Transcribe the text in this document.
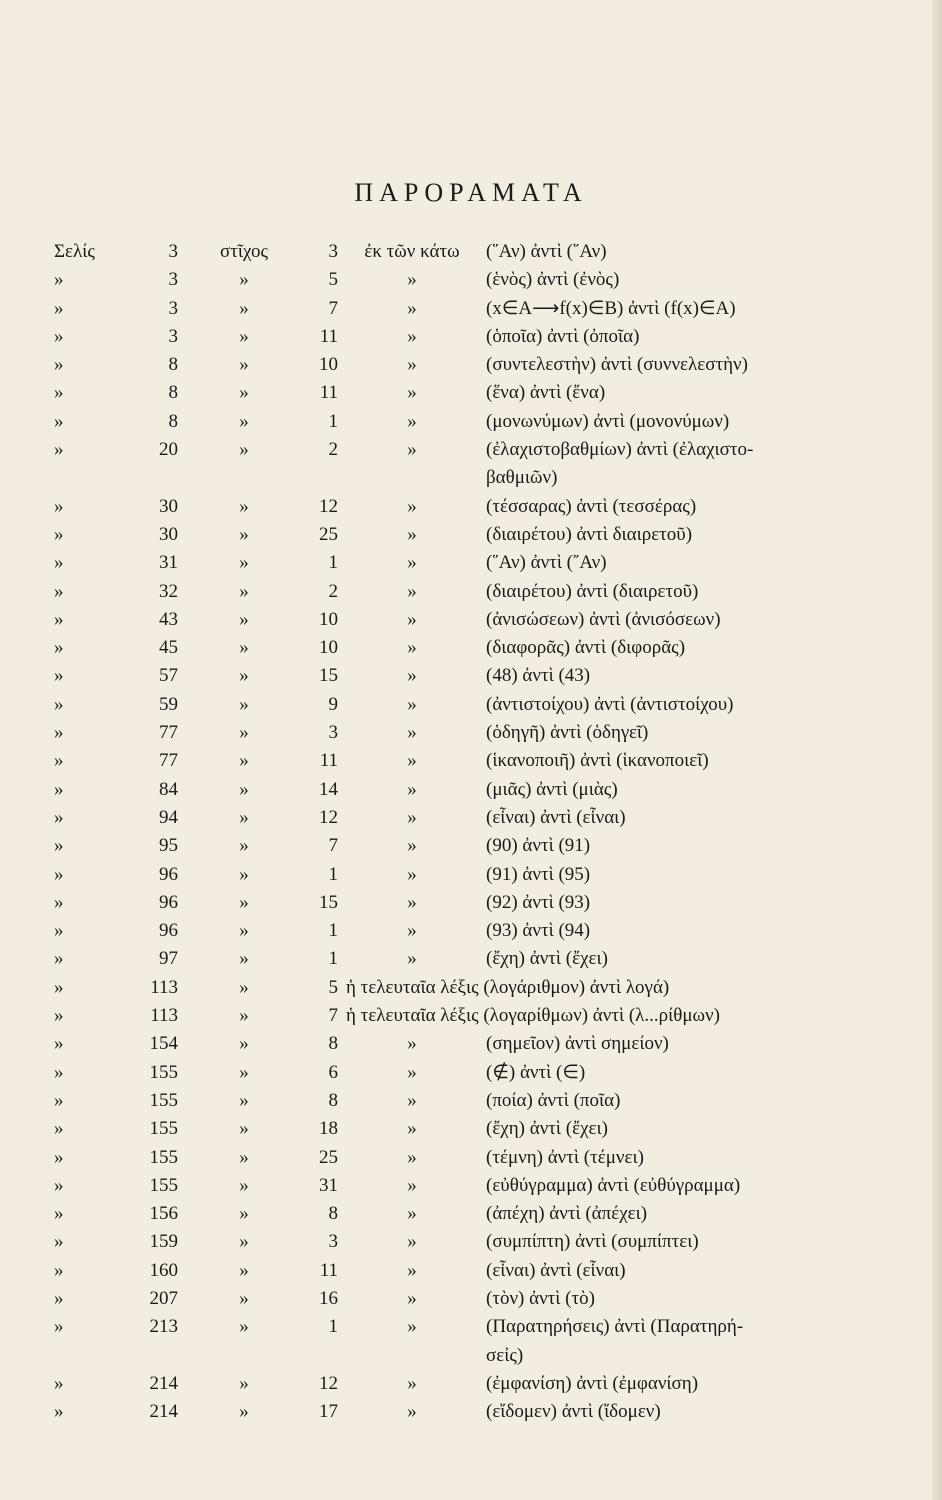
ΠΑΡΟΡΑΜΑΤΑ
Σελίς	3	στῖχος	3	ἐκ τῶν κάτω	(῞Αν) ἀντὶ (῞Αν)
»	3	»	5	»	(ἑνὸς) ἀντὶ (ἐνὸς)
»	3	»	7	»	(x∈A⟶f(x)∈B) ἀντὶ (f(x)∈A)
»	3	»	11	»	(ὁποῖα) ἀντὶ (ὀποῖα)
»	8	»	10	»	(συντελεστὴν) ἀντὶ (συννελεστὴν)
»	8	»	11	»	(ἕνα) ἀντὶ (ἔνα)
»	8	»	1	»	(μονωνύμων) ἀντὶ (μονονύμων)
»	20	»	2	»	(ἐλαχιστοβαθμίων) ἀντὶ (ἐλαχιστο-
βαθμιῶν)
»	30	»	12	»	(τέσσαρας) ἀντὶ (τεσσέρας)
»	30	»	25	»	(διαιρέτου) ἀντὶ διαιρετοῦ)
»	31	»	1	»	(῞Αν) ἀντὶ (῎Αν)
»	32	»	2	»	(διαιρέτου) ἀντὶ (διαιρετοῦ)
»	43	»	10	»	(ἀνισώσεων) ἀντὶ (ἀνισόσεων)
»	45	»	10	»	(διαφορᾶς) ἀντὶ (διφορᾶς)
»	57	»	15	»	(48) ἀντὶ (43)
»	59	»	9	»	(ἀντιστοίχου) ἀντὶ (ἀντιστοίχου)
»	77	»	3	»	(ὁδηγῆ) ἀντὶ (ὁδηγεῖ)
»	77	»	11	»	(ἱκανοποιῆ) ἀντὶ (ἱκανοποιεῖ)
»	84	»	14	»	(μιᾶς) ἀντὶ (μιὰς)
»	94	»	12	»	(εἶναι) ἀντὶ (εἷναι)
»	95	»	7	»	(90) ἀντὶ (91)
»	96	»	1	»	(91) ἀντὶ (95)
»	96	»	15	»	(92) ἀντὶ (93)
»	96	»	1	»	(93) ἀντὶ (94)
»	97	»	1	»	(ἔχη) ἀντὶ (ἔχει)
»	113	»	5 ἡ τελευταῖα λέξις (λογάριθμον) ἀντὶ λογά)
»	113	»	7 ἡ τελευταῖα λέξις (λογαρίθμων) ἀντὶ (λ...ρίθμων)
»	154	»	8	»	(σημεῖον) ἀντὶ σημείον)
»	155	»	6	»	(∉) ἀντὶ (∈)
»	155	»	8	»	(ποία) ἀντὶ (ποῖα)
»	155	»	18	»	(ἔχη) ἀντὶ (ἔχει)
»	155	»	25	»	(τέμνη) ἀντὶ (τέμνει)
»	155	»	31	»	(εὐθύγραμμα) ἀντὶ (εὐθύγραμμα)
»	156	»	8	»	(ἀπέχη) ἀντὶ (ἀπέχει)
»	159	»	3	»	(συμπίπτη) ἀντὶ (συμπίπτει)
»	160	»	11	»	(εἶναι) ἀντὶ (εἷναι)
»	207	»	16	»	(τὸν) ἀντὶ (τὸ)
»	213	»	1	»	(Παρατηρήσεις) ἀντὶ (Παρατηρή-
σεἰς)
»	214	»	12	»	(ἐμφανίση) ἀντὶ (ἐμφανίση)
»	214	»	17	»	(εἴδομεν) ἀντὶ (ἴδομεν)
